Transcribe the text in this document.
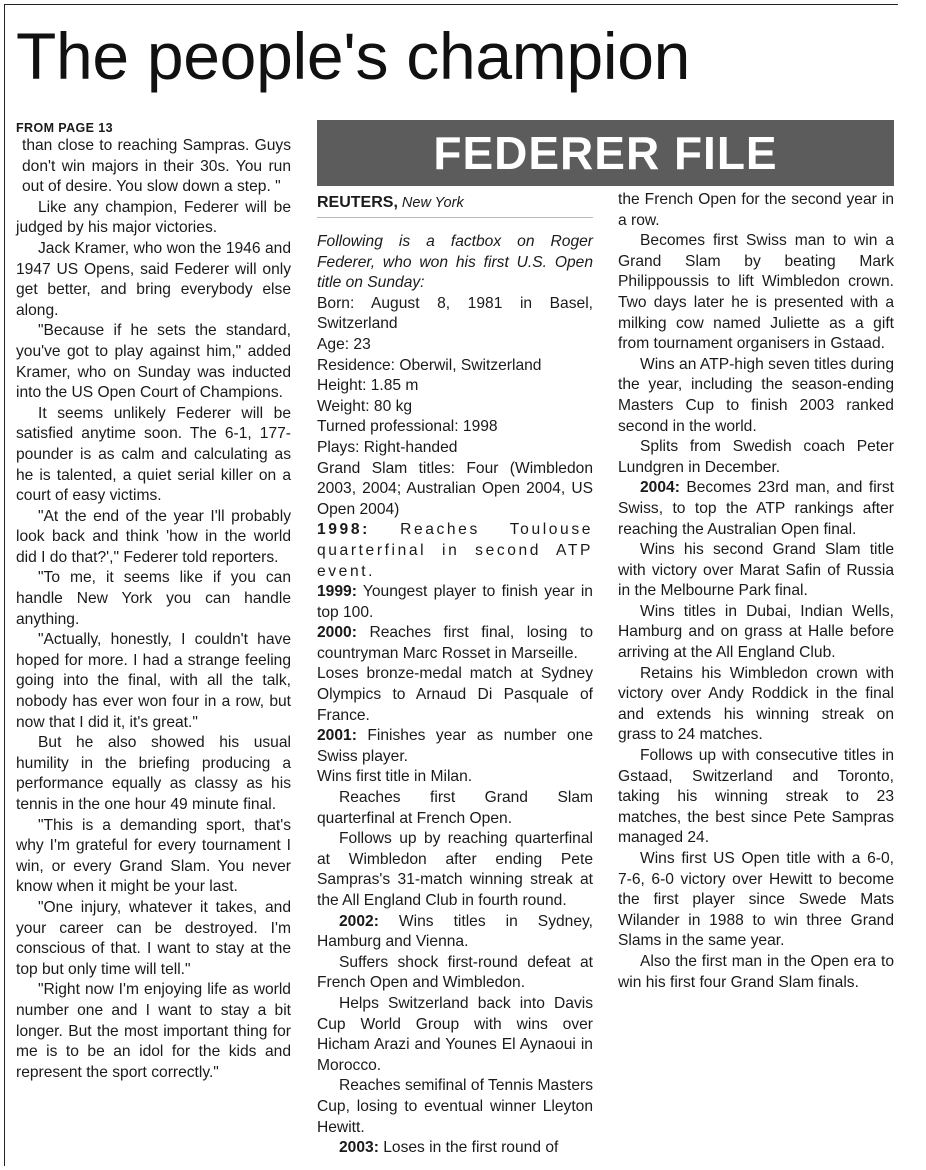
The people's champion
FROM PAGE 13

than close to reaching Sampras. Guys don't win majors in their 30s. You run out of desire. You slow down a step. "

Like any champion, Federer will be judged by his major victories.

Jack Kramer, who won the 1946 and 1947 US Opens, said Federer will only get better, and bring everybody else along.

"Because if he sets the standard, you've got to play against him," added Kramer, who on Sunday was inducted into the US Open Court of Champions.

It seems unlikely Federer will be satisfied anytime soon. The 6-1, 177-pounder is as calm and calculating as he is talented, a quiet serial killer on a court of easy victims.

"At the end of the year I'll probably look back and think 'how in the world did I do that?'," Federer told reporters.

"To me, it seems like if you can handle New York you can handle anything.

"Actually, honestly, I couldn't have hoped for more. I had a strange feeling going into the final, with all the talk, nobody has ever won four in a row, but now that I did it, it's great."

But he also showed his usual humility in the briefing producing a performance equally as classy as his tennis in the one hour 49 minute final.

"This is a demanding sport, that's why I'm grateful for every tournament I win, or every Grand Slam. You never know when it might be your last.

"One injury, whatever it takes, and your career can be destroyed. I'm conscious of that. I want to stay at the top but only time will tell."

"Right now I'm enjoying life as world number one and I want to stay a bit longer. But the most important thing for me is to be an idol for the kids and represent the sport correctly."

FEDERER FILE
REUTERS, New York

Following is a factbox on Roger Federer, who won his first U.S. Open title on Sunday:

Born: August 8, 1981 in Basel, Switzerland

Age: 23

Residence: Oberwil, Switzerland

Height: 1.85 m

Weight: 80 kg

Turned professional: 1998

Plays: Right-handed

Grand Slam titles: Four (Wimbledon 2003, 2004; Australian Open 2004, US Open 2004)

1998: Reaches Toulouse quarterfinal in second ATP event.

1999: Youngest player to finish year in top 100.

2000: Reaches first final, losing to countryman Marc Rosset in Marseille.

Loses bronze-medal match at Sydney Olympics to Arnaud Di Pasquale of France.

2001: Finishes year as number one Swiss player.

Wins first title in Milan.

Reaches first Grand Slam quarterfinal at French Open.

Follows up by reaching quarterfinal at Wimbledon after ending Pete Sampras's 31-match winning streak at the All England Club in fourth round.

2002: Wins titles in Sydney, Hamburg and Vienna.

Suffers shock first-round defeat at French Open and Wimbledon.

Helps Switzerland back into Davis Cup World Group with wins over Hicham Arazi and Younes El Aynaoui in Morocco.

Reaches semifinal of Tennis Masters Cup, losing to eventual winner Lleyton Hewitt.

2003: Loses in the first round of

the French Open for the second year in a row.

Becomes first Swiss man to win a Grand Slam by beating Mark Philippoussis to lift Wimbledon crown. Two days later he is presented with a milking cow named Juliette as a gift from tournament organisers in Gstaad.

Wins an ATP-high seven titles during the year, including the season-ending Masters Cup to finish 2003 ranked second in the world.

Splits from Swedish coach Peter Lundgren in December.

2004: Becomes 23rd man, and first Swiss, to top the ATP rankings after reaching the Australian Open final.

Wins his second Grand Slam title with victory over Marat Safin of Russia in the Melbourne Park final.

Wins titles in Dubai, Indian Wells, Hamburg and on grass at Halle before arriving at the All England Club.

Retains his Wimbledon crown with victory over Andy Roddick in the final and extends his winning streak on grass to 24 matches.

Follows up with consecutive titles in Gstaad, Switzerland and Toronto, taking his winning streak to 23 matches, the best since Pete Sampras managed 24.

Wins first US Open title with a 6-0, 7-6, 6-0 victory over Hewitt to become the first player since Swede Mats Wilander in 1988 to win three Grand Slams in the same year.

Also the first man in the Open era to win his first four Grand Slam finals.
